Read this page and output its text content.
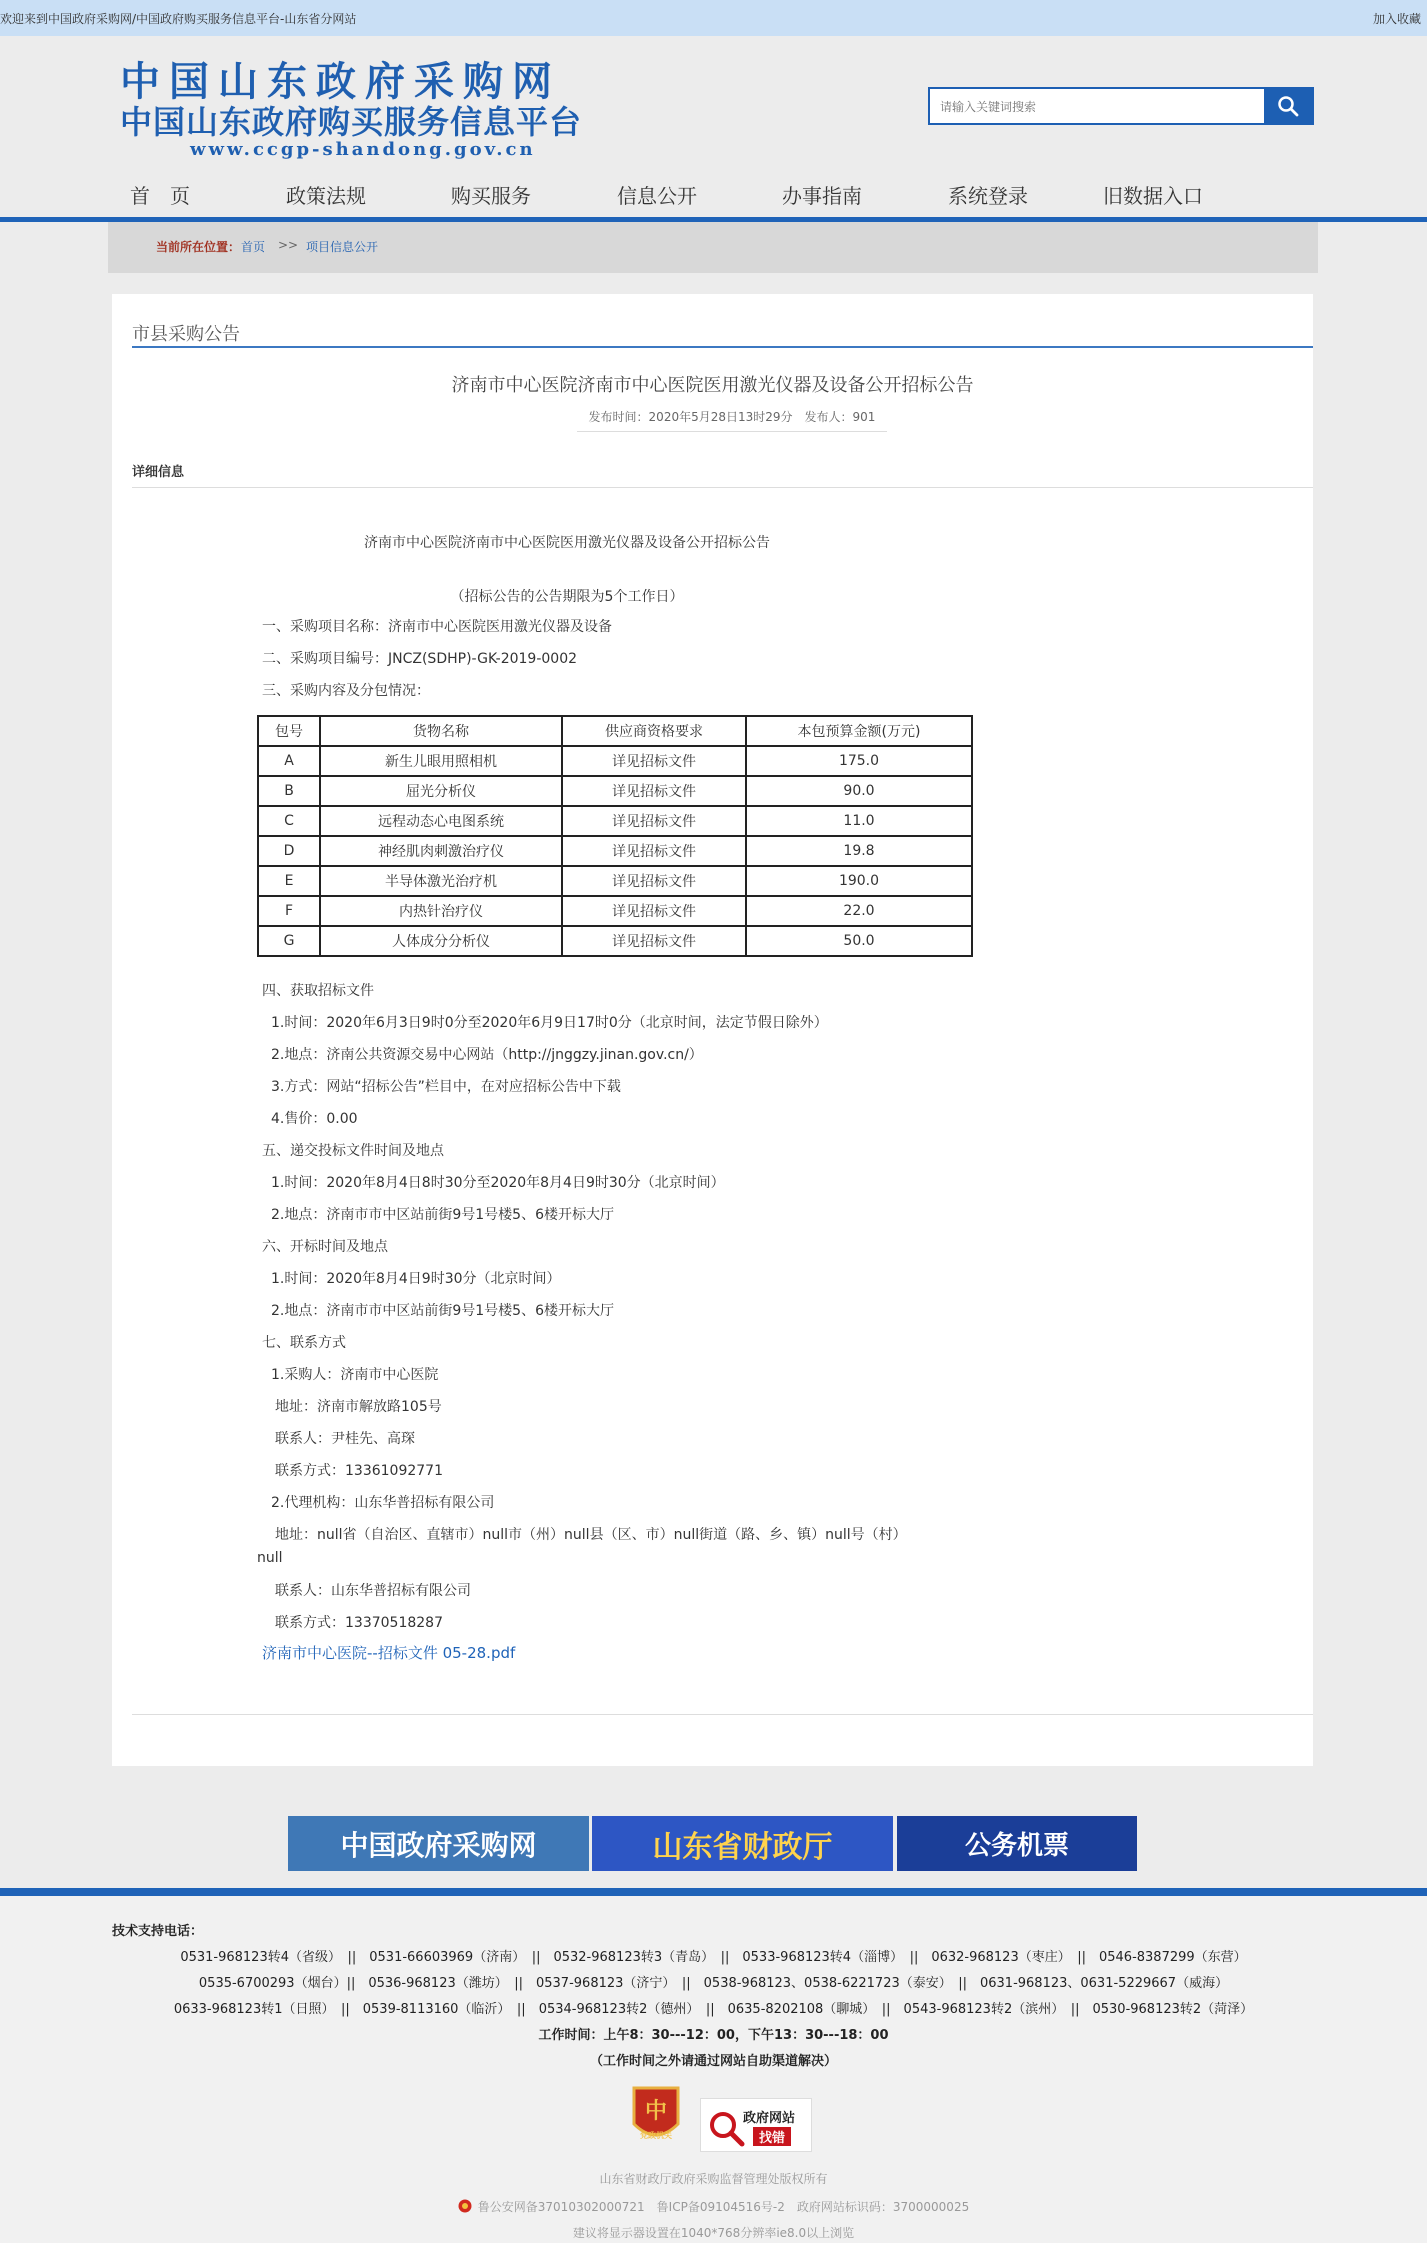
欢迎来到中国政府采购网/中国政府购买服务信息平台-山东省分网站	加入收藏
中国山东政府采购网
中国山东政府购买服务信息平台
www.ccgp-shandong.gov.cn
请输入关键词搜索
首　页	政策法规	购买服务	信息公开	办事指南	系统登录	旧数据入口
当前所在位置： 首页 >> 项目信息公开
市县采购公告
济南市中心医院济南市中心医院医用激光仪器及设备公开招标公告
发布时间：2020年5月28日13时29分　发布人：901
详细信息
济南市中心医院济南市中心医院医用激光仪器及设备公开招标公告
（招标公告的公告期限为5个工作日）
一、采购项目名称：济南市中心医院医用激光仪器及设备
二、采购项目编号：JNCZ(SDHP)-GK-2019-0002
三、采购内容及分包情况：
四、获取招标文件
1.时间：2020年6月3日9时0分至2020年6月9日17时0分（北京时间，法定节假日除外）
2.地点：济南公共资源交易中心网站（http://jnggzy.jinan.gov.cn/）
3.方式：网站“招标公告”栏目中，在对应招标公告中下载
4.售价：0.00
五、递交投标文件时间及地点
1.时间：2020年8月4日8时30分至2020年8月4日9时30分（北京时间）
2.地点：济南市市中区站前街9号1号楼5、6楼开标大厅
六、开标时间及地点
1.时间：2020年8月4日9时30分（北京时间）
2.地点：济南市市中区站前街9号1号楼5、6楼开标大厅
七、联系方式
1.采购人：济南市中心医院
地址：济南市解放路105号
联系人：尹桂先、高琛
联系方式：13361092771
2.代理机构：山东华普招标有限公司
地址：null省（自治区、直辖市）null市（州）null县（区、市）null街道（路、乡、镇）null号（村）
null
联系人：山东华普招标有限公司
联系方式：13370518287
济南市中心医院--招标文件 05-28.pdf
包号	货物名称	供应商资格要求	本包预算金额(万元)
A	新生儿眼用照相机	详见招标文件	175.0
B	屈光分析仪	详见招标文件	90.0
C	远程动态心电图系统	详见招标文件	11.0
D	神经肌肉刺激治疗仪	详见招标文件	19.8
E	半导体激光治疗机	详见招标文件	190.0
F	内热针治疗仪	详见招标文件	22.0
G	人体成分分析仪	详见招标文件	50.0
中国政府采购网	山东省财政厅	公务机票
技术支持电话：
0531-968123转4（省级）　||　0531-66603969（济南）　||　0532-968123转3（青岛）　||　0533-968123转4（淄博）　||　0632-968123（枣庄）　||　0546-8387299（东营）
0535-6700293（烟台）||　0536-968123（潍坊）　||　0537-968123（济宁）　||　0538-968123、0538-6221723（泰安）　||　0631-968123、0631-5229667（威海）
0633-968123转1（日照）　||　0539-8113160（临沂）　||　0534-968123转2（德州）　||　0635-8202108（聊城）　||　0543-968123转2（滨州）　||　0530-968123转2（菏泽）
工作时间：上午8：30---12：00，下午13：30---18：00
（工作时间之外请通过网站自助渠道解决）
中
党政机关
政府网站
找错
山东省财政厅政府采购监督管理处版权所有
鲁公安网备37010302000721　鲁ICP备09104516号-2　政府网站标识码：3700000025
建议将显示器设置在1040*768分辨率ie8.0以上浏览
